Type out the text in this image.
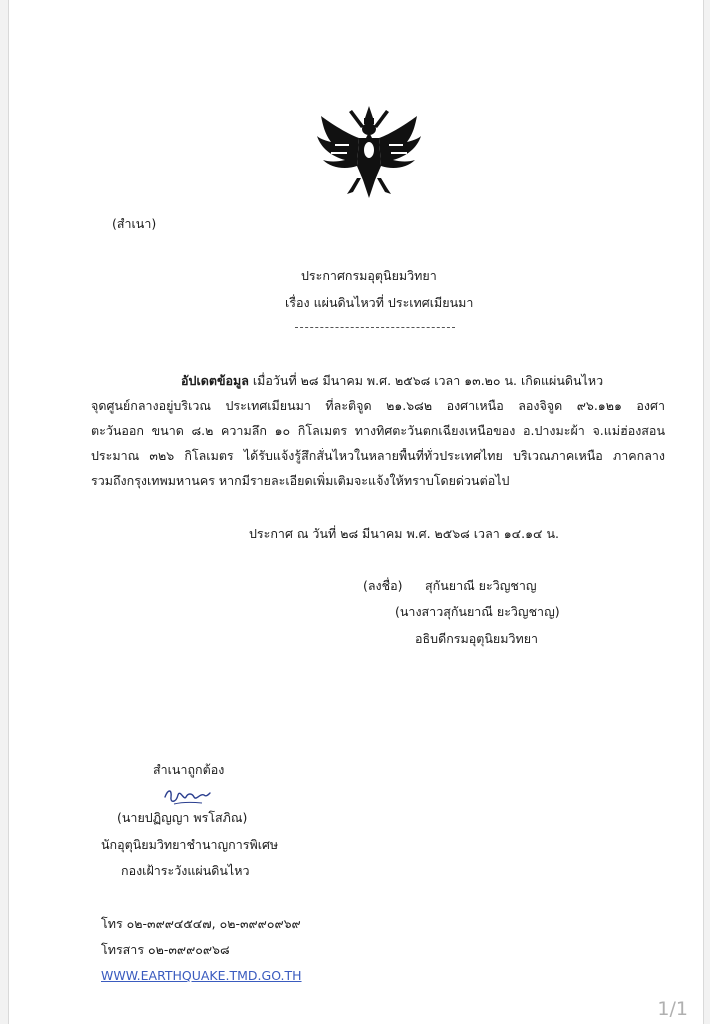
(สำเนา)
ประกาศกรมอุตุนิยมวิทยา
เรื่อง แผ่นดินไหวที่ ประเทศเมียนมา
อัปเดตข้อมูล เมื่อวันที่ ๒๘ มีนาคม พ.ศ. ๒๕๖๘ เวลา ๑๓.๒๐ น. เกิดแผ่นดินไหว
จุดศูนย์กลางอยู่บริเวณ ประเทศเมียนมา ที่ละติจูด ๒๑.๖๘๒ องศาเหนือ ลองจิจูด ๙๖.๑๒๑ องศา
ตะวันออก ขนาด ๘.๒ ความลึก ๑๐ กิโลเมตร ทางทิศตะวันตกเฉียงเหนือของ อ.ปางมะผ้า จ.แม่ฮ่องสอน
ประมาณ ๓๒๖ กิโลเมตร ได้รับแจ้งรู้สึกสั่นไหวในหลายพื้นที่ทั่วประเทศไทย บริเวณภาคเหนือ ภาคกลาง
รวมถึงกรุงเทพมหานคร หากมีรายละเอียดเพิ่มเติมจะแจ้งให้ทราบโดยด่วนต่อไป
ประกาศ ณ วันที่ ๒๘ มีนาคม พ.ศ. ๒๕๖๘ เวลา ๑๔.๑๔ น.
(ลงชื่อ) สุกันยาณี ยะวิญชาญ
(นางสาวสุกันยาณี ยะวิญชาญ)
อธิบดีกรมอุตุนิยมวิทยา
สำเนาถูกต้อง
(นายปฏิญญา พรโสภิณ)
นักอุตุนิยมวิทยาชำนาญการพิเศษ
กองเฝ้าระวังแผ่นดินไหว
โทร ๐๒-๓๙๙๔๕๔๗, ๐๒-๓๙๙๐๙๖๙
โทรสาร ๐๒-๓๙๙๐๙๖๘
WWW.EARTHQUAKE.TMD.GO.TH
1/1
